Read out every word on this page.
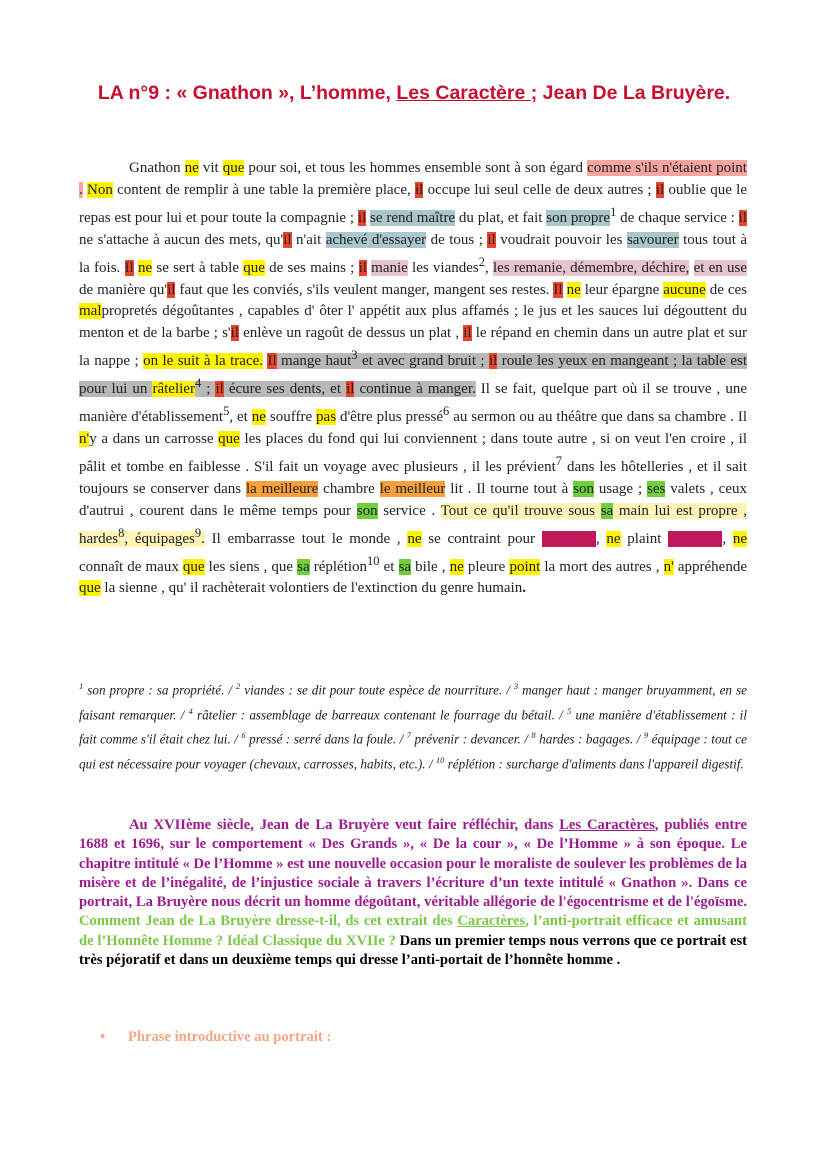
LA n°9 : « Gnathon », L’homme, Les Caractère ; Jean De La Bruyère.
Gnathon ne vit que pour soi, et tous les hommes ensemble sont à son égard comme s'ils n'étaient point . Non content de remplir à une table la première place, il occupe lui seul celle de deux autres ; il oublie que le repas est pour lui et pour toute la compagnie ; il se rend maître du plat, et fait son propre$^1$ de chaque service : il ne s'attache à aucun des mets, qu'il n'ait achevé d'essayer de tous ; il voudrait pouvoir les savourer tous tout à la fois. Il ne se sert à table que de ses mains ; il manie les viandes$^2$, les remanie, démembre, déchire, et en use de manière qu'il faut que les conviés, s'ils veulent manger, mangent ses restes. Il ne leur épargne aucune de ces malpropretés dégoûtantes , capables d' ôter l' appétit aux plus affamés ; le jus et les sauces lui dégouttent du menton et de la barbe ; s'il enlève un ragoût de dessus un plat , il le répand en chemin dans un autre plat et sur la nappe ; on le suit à la trace. Il mange haut$^3$ et avec grand bruit ; il roule les yeux en mangeant ; la table est pour lui un râtelier$^4$ ; il écure ses dents, et il continue à manger. Il se fait, quelque part où il se trouve , une manière d'établissement$^5$, et ne souffre pas d'être plus pressé$^6$ au sermon ou au théâtre que dans sa chambre . Il n'y a dans un carrosse que les places du fond qui lui conviennent ; dans toute autre , si on veut l'en croire , il pâlit et tombe en faiblesse . S'il fait un voyage avec plusieurs , il les prévient$^7$ dans les hôtelleries , et il sait toujours se conserver dans la meilleure chambre le meilleur lit . Il tourne tout à son usage ; ses valets , ceux d'autrui , courent dans le même temps pour son service . Tout ce qu'il trouve sous sa main lui est propre , hardes$^8$, équipages$^9$. Il embarrasse tout le monde , ne se contraint pour personne, ne plaint personne, ne connaît de maux que les siens , que sa réplétion$^{10}$ et sa bile , ne pleure point la mort des autres , n' appréhende que la sienne , qu' il rachèterait volontiers de l'extinction du genre humain.
$^1$ son propre : sa propriété. / $^2$ viandes : se dit pour toute espèce de nourriture. / $^3$ manger haut : manger bruyamment, en se faisant remarquer. / $^4$ râtelier : assemblage de barreaux contenant le fourrage du bétail. / $^5$ une manière d'établissement : il fait comme s'il était chez lui. / $^6$ pressé : serré dans la foule. / $^7$ prévenir : devancer. / $^8$ hardes : bagages. / $^9$ équipage : tout ce qui est nécessaire pour voyager (chevaux, carrosses, habits, etc.). / $^{10}$ réplétion : surcharge d'aliments dans l'appareil digestif.
Au XVIIème siècle, Jean de La Bruyère veut faire réfléchir, dans Les Caractères, publiés entre 1688 et 1696, sur le comportement « Des Grands », « De la cour », « De l’Homme » à son époque. Le chapitre intitulé « De l’Homme » est une nouvelle occasion pour le moraliste de soulever les problèmes de la misère et de l’inégalité, de l’injustice sociale à travers l’écriture d’un texte intitulé « Gnathon ». Dans ce portrait, La Bruyère nous décrit un homme dégoûtant, véritable allégorie de l'égocentrisme et de l'égoïsme. Comment Jean de La Bruyère dresse-t-il, ds cet extrait des Caractères, l’anti-portrait efficace et amusant de l’Honnête Homme ? Idéal Classique du XVIIe ? Dans un premier temps nous verrons que ce portrait est très péjoratif et dans un deuxième temps qui dresse l’anti-portait de l’honnête homme .
• Phrase introductive au portrait :
